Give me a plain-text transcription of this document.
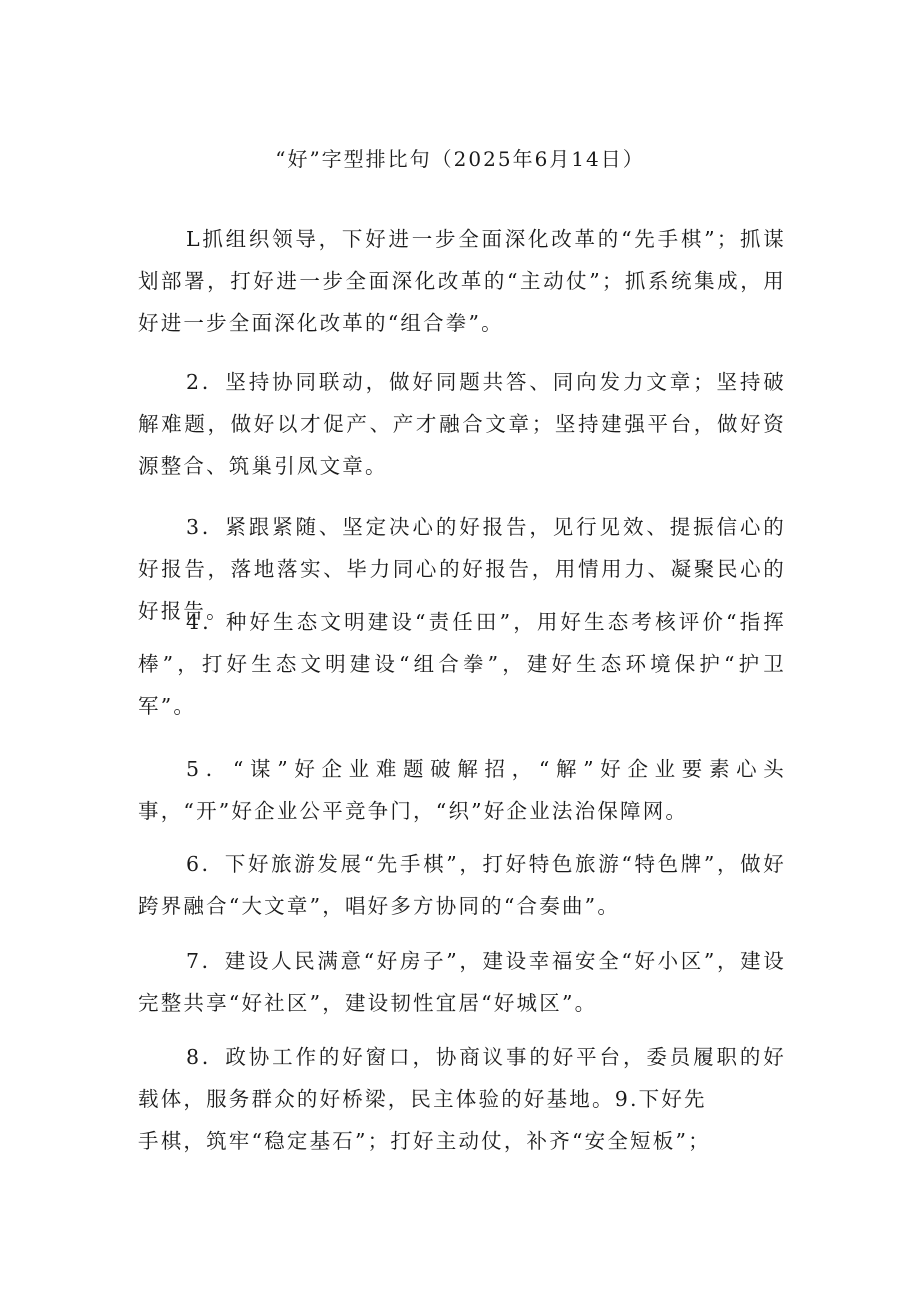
“好”字型排比句（2025年6月14日）

L抓组织领导，下好进一步全面深化改革的“先手棋”；抓谋划部署，打好进一步全面深化改革的“主动仗”；抓系统集成，用好进一步全面深化改革的“组合拳”。

2．坚持协同联动，做好同题共答、同向发力文章；坚持破解难题，做好以才促产、产才融合文章；坚持建强平台，做好资源整合、筑巢引凤文章。

3．紧跟紧随、坚定决心的好报告，见行见效、提振信心的好报告，落地落实、毕力同心的好报告，用情用力、凝聚民心的好报告。

4．种好生态文明建设“责任田”，用好生态考核评价“指挥棒”，打好生态文明建设“组合拳”，建好生态环境保护“护卫军”。

5．“谋”好企业难题破解招，“解”好企业要素心头事，“开”好企业公平竞争门，“织”好企业法治保障网。

6．下好旅游发展“先手棋”，打好特色旅游“特色牌”，做好跨界融合“大文章”，唱好多方协同的“合奏曲”。

7．建设人民满意“好房子”，建设幸福安全“好小区”，建设完整共享“好社区”，建设韧性宜居“好城区”。

8．政协工作的好窗口，协商议事的好平台，委员履职的好载体，服务群众的好桥梁，民主体验的好基地。9.下好先

手棋，筑牢“稳定基石”；打好主动仗，补齐“安全短板”；
